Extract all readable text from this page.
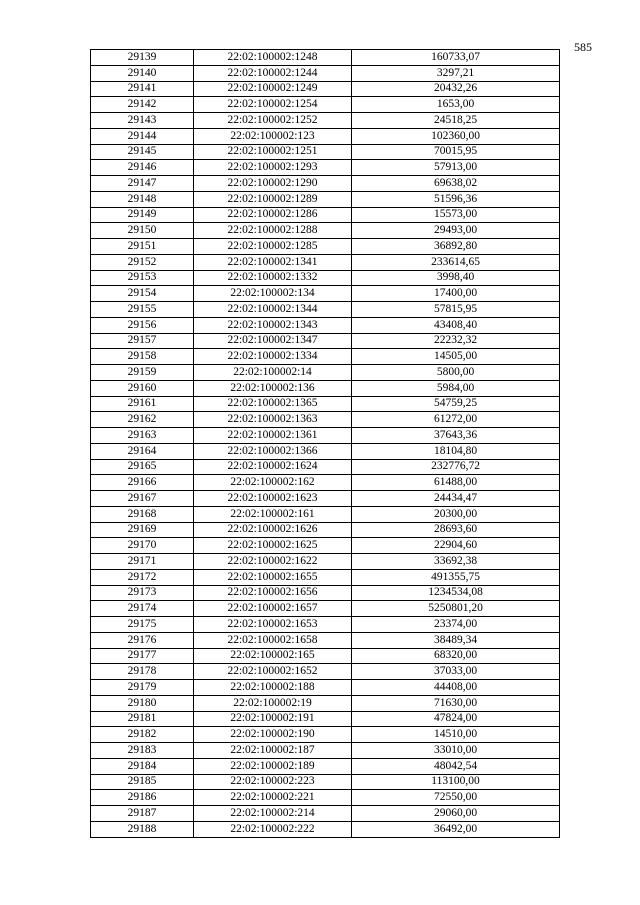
585
29139	22:02:100002:1248	160733,07
29140	22:02:100002:1244	3297,21
29141	22:02:100002:1249	20432,26
29142	22:02:100002:1254	1653,00
29143	22:02:100002:1252	24518,25
29144	22:02:100002:123	102360,00
29145	22:02:100002:1251	70015,95
29146	22:02:100002:1293	57913,00
29147	22:02:100002:1290	69638,02
29148	22:02:100002:1289	51596,36
29149	22:02:100002:1286	15573,00
29150	22:02:100002:1288	29493,00
29151	22:02:100002:1285	36892,80
29152	22:02:100002:1341	233614,65
29153	22:02:100002:1332	3998,40
29154	22:02:100002:134	17400,00
29155	22:02:100002:1344	57815,95
29156	22:02:100002:1343	43408,40
29157	22:02:100002:1347	22232,32
29158	22:02:100002:1334	14505,00
29159	22:02:100002:14	5800,00
29160	22:02:100002:136	5984,00
29161	22:02:100002:1365	54759,25
29162	22:02:100002:1363	61272,00
29163	22:02:100002:1361	37643,36
29164	22:02:100002:1366	18104,80
29165	22:02:100002:1624	232776,72
29166	22:02:100002:162	61488,00
29167	22:02:100002:1623	24434,47
29168	22:02:100002:161	20300,00
29169	22:02:100002:1626	28693,60
29170	22:02:100002:1625	22904,60
29171	22:02:100002:1622	33692,38
29172	22:02:100002:1655	491355,75
29173	22:02:100002:1656	1234534,08
29174	22:02:100002:1657	5250801,20
29175	22:02:100002:1653	23374,00
29176	22:02:100002:1658	38489,34
29177	22:02:100002:165	68320,00
29178	22:02:100002:1652	37033,00
29179	22:02:100002:188	44408,00
29180	22:02:100002:19	71630,00
29181	22:02:100002:191	47824,00
29182	22:02:100002:190	14510,00
29183	22:02:100002:187	33010,00
29184	22:02:100002:189	48042,54
29185	22:02:100002:223	113100,00
29186	22:02:100002:221	72550,00
29187	22:02:100002:214	29060,00
29188	22:02:100002:222	36492,00
